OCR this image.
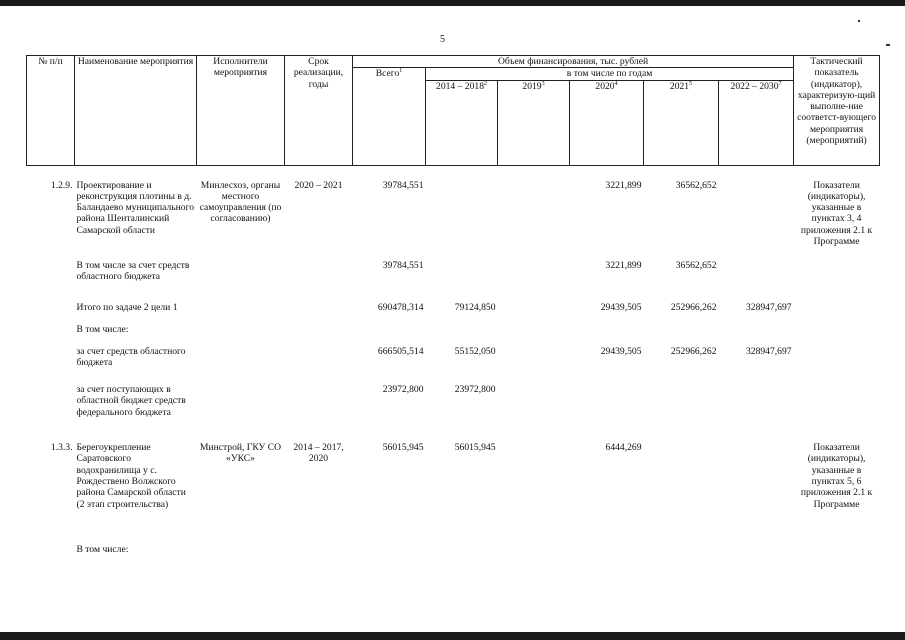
5
№ п/п	Наименование мероприятия	Исполнители мероприятия	Срок реализации, годы	Объем финансирования, тыс. рублей						Тактический показатель (индикатор), характеризую-щий выполне-ние соответст-вующего мероприятия (мероприятий)
				Всего$^1$	в том числе по годам					
					2014 – 2018$^2$	2019$^3$	2020$^4$	2021$^5$	2022 – 2030$^7$
1.2.9.	Проектирование и реконструкция плотины в д. Баландаево муниципального района Шенталинский Самарской области	Минлесхоз, органы местного самоуправления (по согласованию)	2020 – 2021	39784,551			3221,899	36562,652		Показатели (индикаторы), указанные в пунктах 3, 4 приложения 2.1 к Программе
	В том числе за счет средств областного бюджета			39784,551			3221,899	36562,652		
	Итого по задаче 2 цели 1			690478,314	79124,850		29439,505	252966,262	328947,697	
	В том числе:									
	за счет средств областного бюджета			666505,514	55152,050		29439,505	252966,262	328947,697	
	за счет поступающих в областной бюджет средств федерального бюджета			23972,800	23972,800					
1.3.3.	Берегоукрепление Саратовского водохранилища у с. Рождествено Волжского района Самарской области (2 этап строительства)	Минстрой, ГКУ СО «УКС»	2014 – 2017, 2020	56015,945	56015,945		6444,269			Показатели (индикаторы), указанные в пунктах 5, 6 приложения 2.1 к Программе
	В том числе:									
